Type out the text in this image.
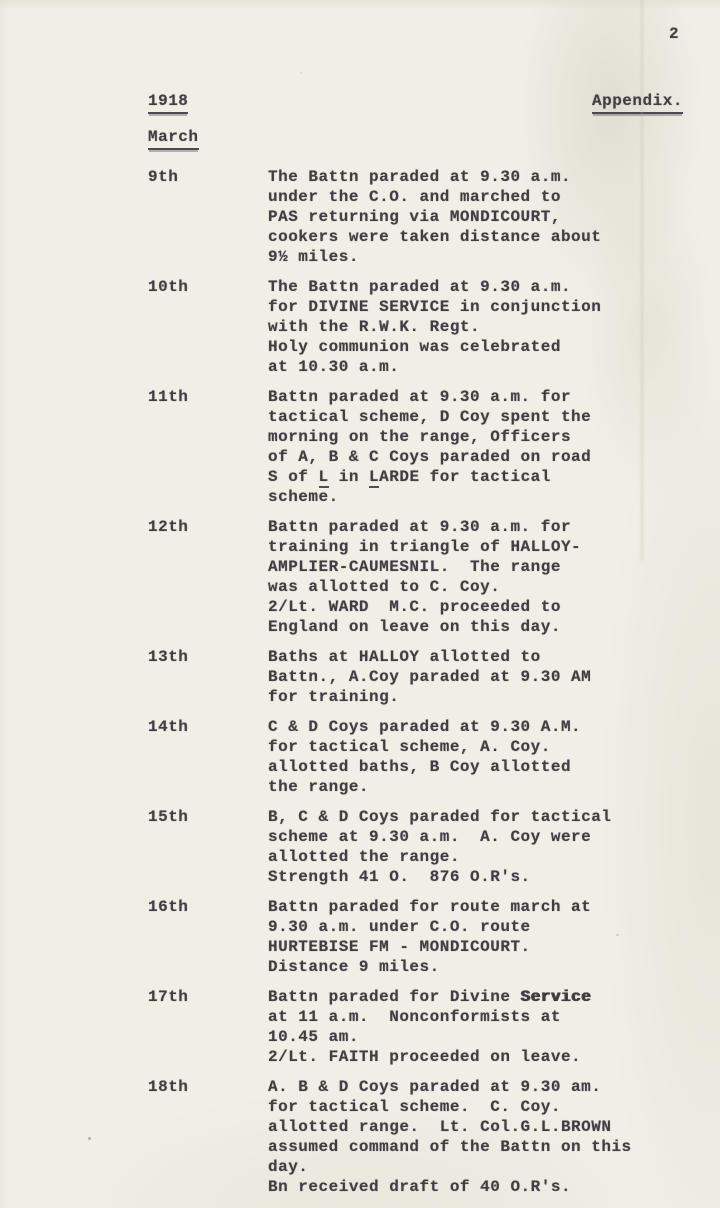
2
1918	Appendix.
March
9th	The Battn paraded at 9.30 a.m.
under the C.O. and marched to
PAS returning via MONDICOURT,
cookers were taken distance about
9½ miles.
10th	The Battn paraded at 9.30 a.m.
for DIVINE SERVICE in conjunction
with the R.W.K. Regt.
Holy communion was celebrated
at 10.30 a.m.
11th	Battn paraded at 9.30 a.m. for
tactical scheme, D Coy spent the
morning on the range, Officers
of A, B & C Coys paraded on road
S of L in LARDE for tactical
scheme.
12th	Battn paraded at 9.30 a.m. for
training in triangle of HALLOY-
AMPLIER-CAUMESNIL.  The range
was allotted to C. Coy.
2/Lt. WARD  M.C. proceeded to
England on leave on this day.
13th	Baths at HALLOY allotted to
Battn., A.Coy paraded at 9.30 AM
for training.
14th	C & D Coys paraded at 9.30 A.M.
for tactical scheme, A. Coy.
allotted baths, B Coy allotted
the range.
15th	B, C & D Coys paraded for tactical
scheme at 9.30 a.m.  A. Coy were
allotted the range.
Strength 41 O.  876 O.R's.
16th	Battn paraded for route march at
9.30 a.m. under C.O. route
HURTEBISE FM - MONDICOURT.
Distance 9 miles.
17th	Battn paraded for Divine Service
at 11 a.m.  Nonconformists at
10.45 am.
2/Lt. FAITH proceeded on leave.
18th	A. B & D Coys paraded at 9.30 am.
for tactical scheme.  C. Coy.
allotted range.  Lt. Col.G.L.BROWN
assumed command of the Battn on this
day.
Bn received draft of 40 O.R's.
